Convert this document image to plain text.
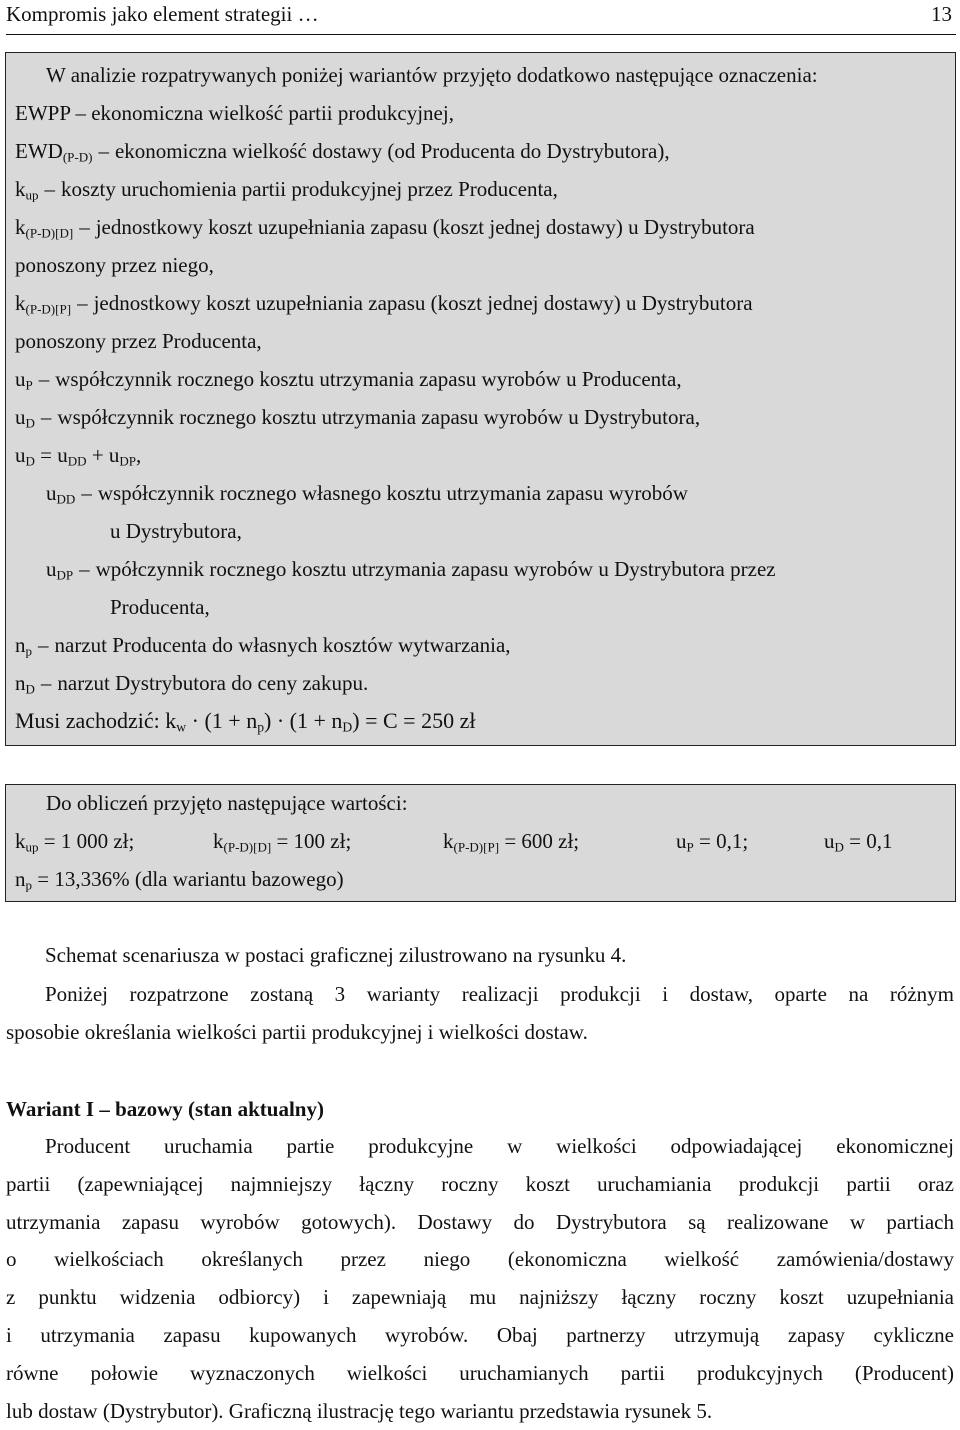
Kompromis jako element strategii …	13
W analizie rozpatrywanych poniżej wariantów przyjęto dodatkowo następujące oznaczenia:
EWPP – ekonomiczna wielkość partii produkcyjnej,
$EWD_{(P-D)}$ – ekonomiczna wielkość dostawy (od Producenta do Dystrybutora),
$k_{up}$ – koszty uruchomienia partii produkcyjnej przez Producenta,
$k_{(P-D)[D]}$ – jednostkowy koszt uzupełniania zapasu (koszt jednej dostawy) u Dystrybutora
ponoszony przez niego,
$k_{(P-D)[P]}$ – jednostkowy koszt uzupełniania zapasu (koszt jednej dostawy) u Dystrybutora
ponoszony przez Producenta,
$u_P$ – współczynnik rocznego kosztu utrzymania zapasu wyrobów u Producenta,
$u_D$ – współczynnik rocznego kosztu utrzymania zapasu wyrobów u Dystrybutora,
$u_D = u_{DD} + u_{DP}$,
$u_{DD}$ – współczynnik rocznego własnego kosztu utrzymania zapasu wyrobów
u Dystrybutora,
$u_{DP}$ – wpółczynnik rocznego kosztu utrzymania zapasu wyrobów u Dystrybutora przez
Producenta,
$n_p$ – narzut Producenta do własnych kosztów wytwarzania,
$n_D$ – narzut Dystrybutora do ceny zakupu.
Musi zachodzić: $k_w \cdot (1 + n_p) \cdot (1 + n_D) = C = 250$ zł
Do obliczeń przyjęto następujące wartości:
$k_{up} = 1$ 000 zł;	$k_{(P-D)[D]} = 100$ zł;	$k_{(P-D)[P]} = 600$ zł;	$u_P = 0,1$;	$u_D = 0,1$
$n_p = 13,336\%$ (dla wariantu bazowego)
Schemat scenariusza w postaci graficznej zilustrowano na rysunku 4.
Poniżej rozpatrzone zostaną 3 warianty realizacji produkcji i dostaw, oparte na różnym
sposobie określania wielkości partii produkcyjnej i wielkości dostaw.
Wariant I – bazowy (stan aktualny)
Producent uruchamia partie produkcyjne w wielkości odpowiadającej ekonomicznej
partii (zapewniającej najmniejszy łączny roczny koszt uruchamiania produkcji partii oraz
utrzymania zapasu wyrobów gotowych). Dostawy do Dystrybutora są realizowane w partiach
o wielkościach określanych przez niego (ekonomiczna wielkość zamówienia/dostawy
z punktu widzenia odbiorcy) i zapewniają mu najniższy łączny roczny koszt uzupełniania
i utrzymania zapasu kupowanych wyrobów. Obaj partnerzy utrzymują zapasy cykliczne
równe połowie wyznaczonych wielkości uruchamianych partii produkcyjnych (Producent)
lub dostaw (Dystrybutor). Graficzną ilustrację tego wariantu przedstawia rysunek 5.
